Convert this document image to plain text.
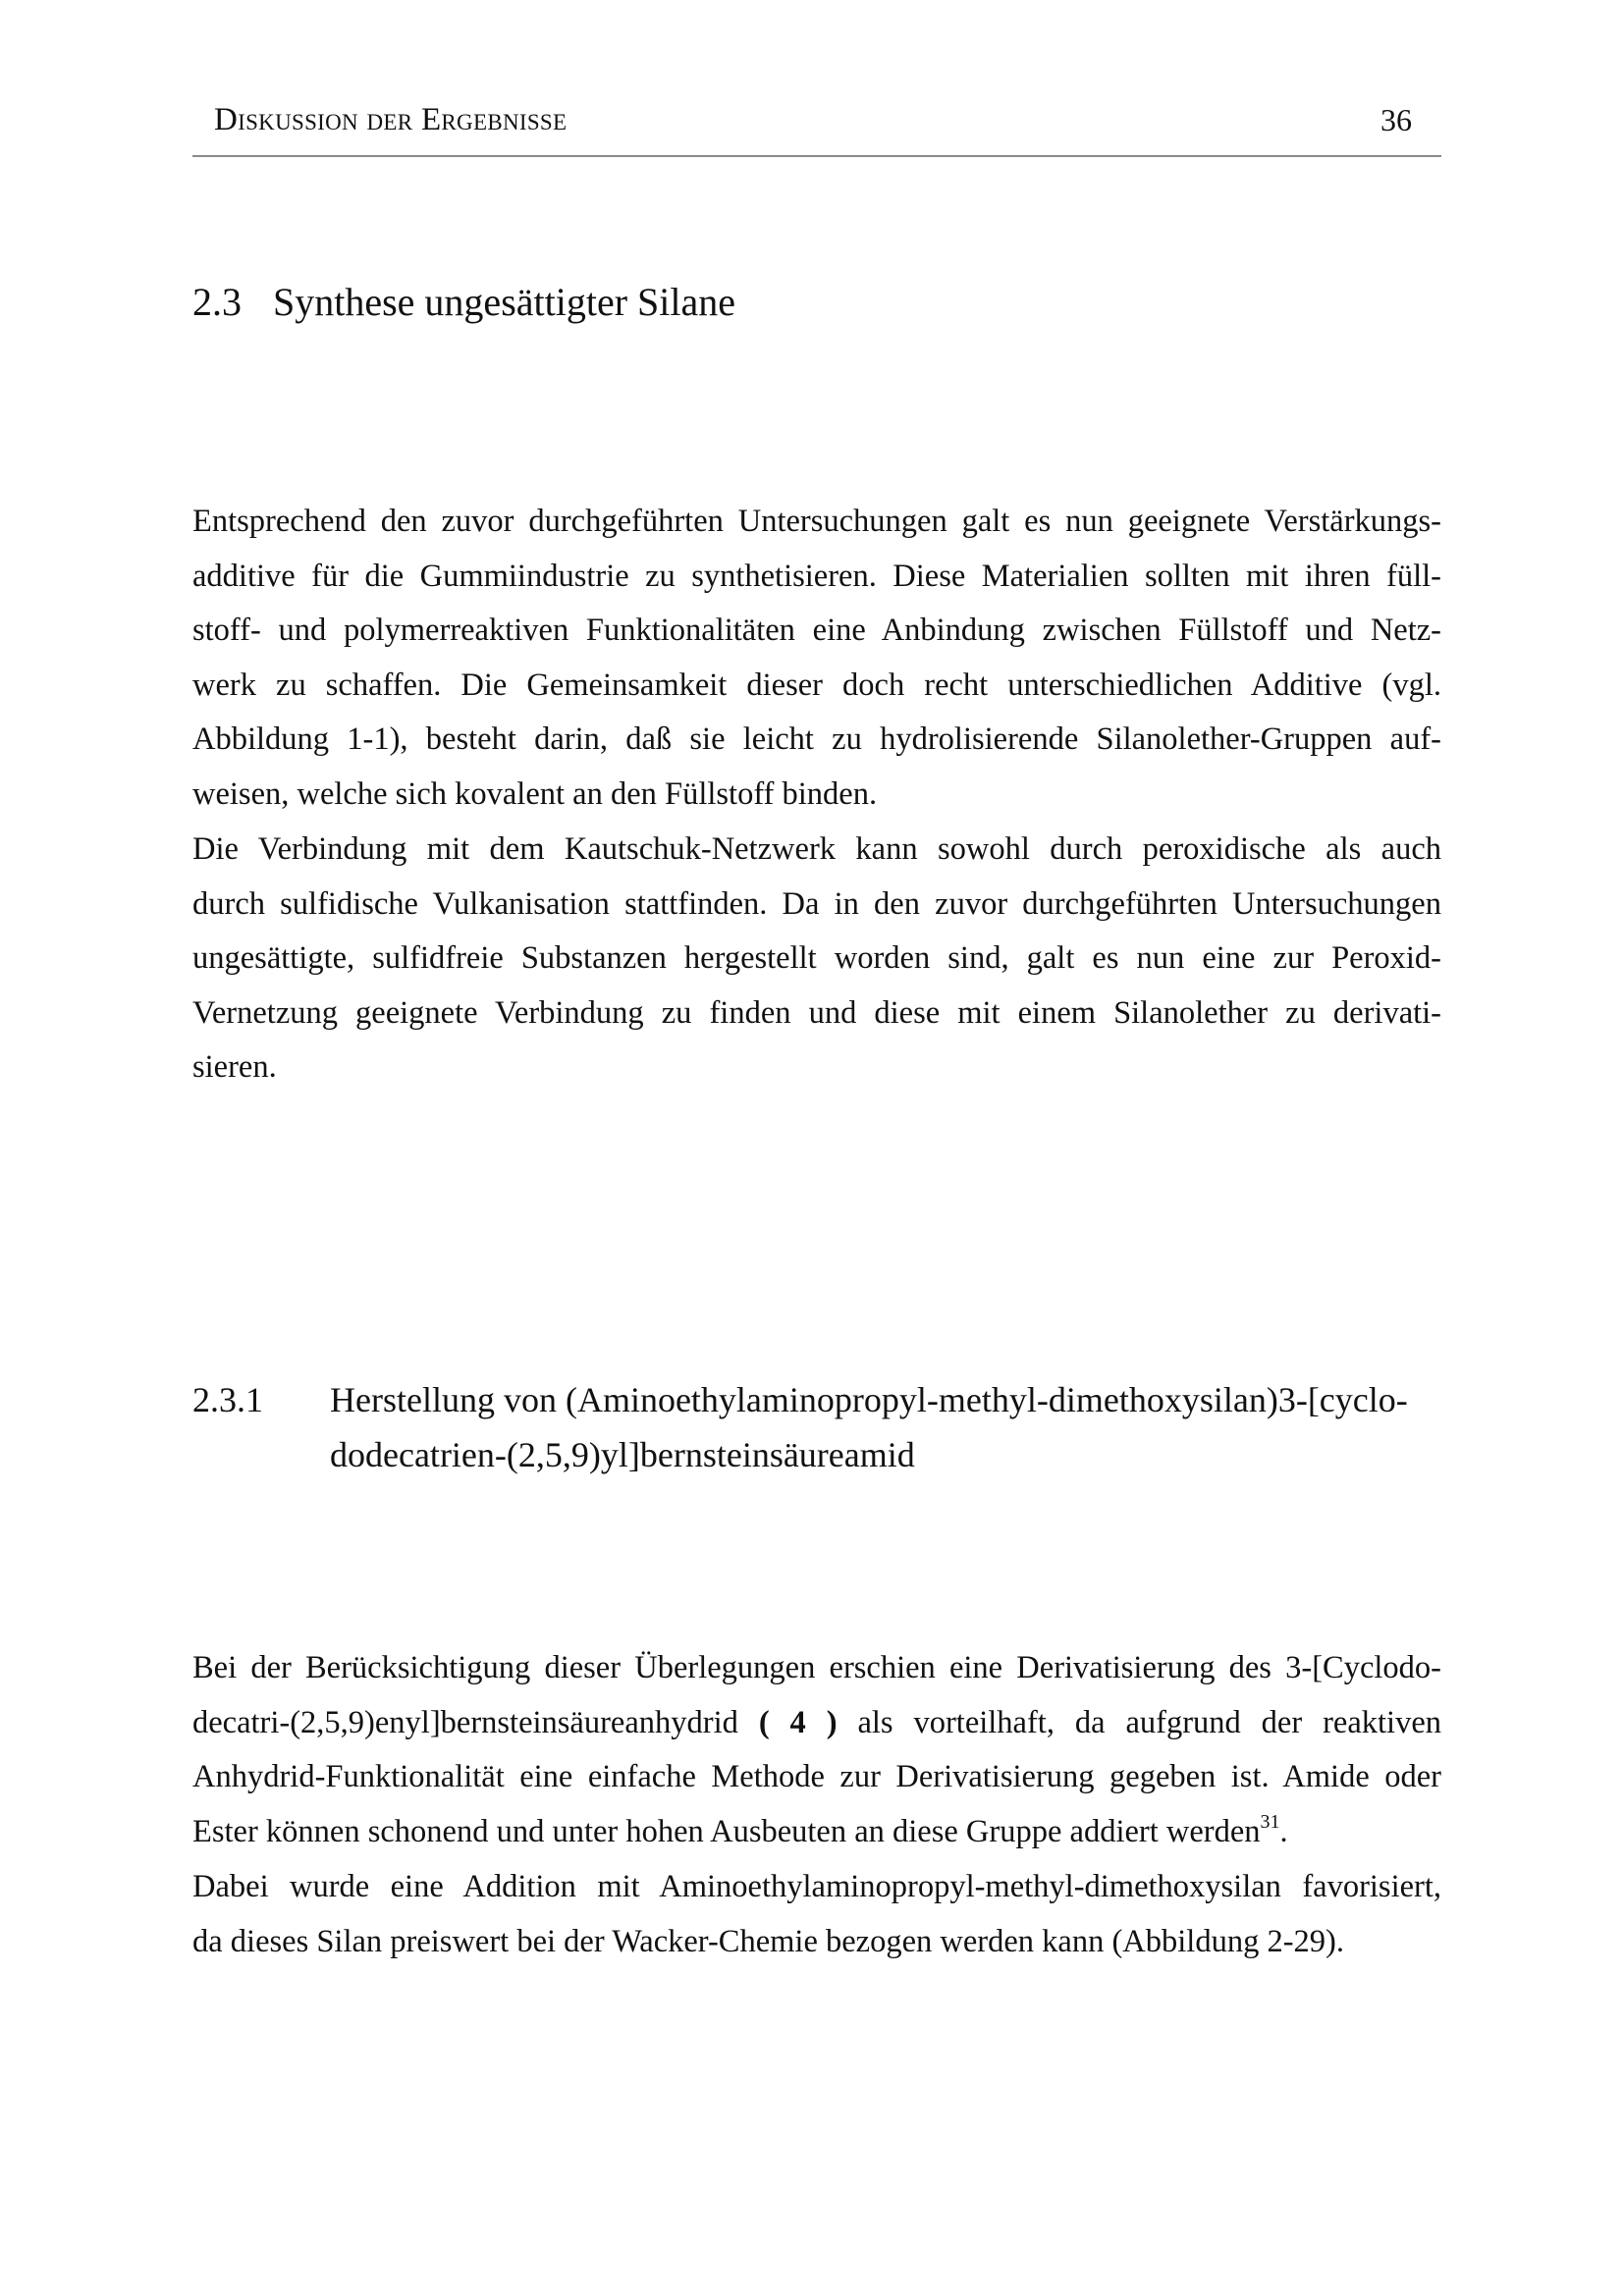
Diskussion der Ergebnisse	36
2.3 Synthese ungesättigter Silane

Entsprechend den zuvor durchgeführten Untersuchungen galt es nun geeignete Verstärkungs-
additive für die Gummiindustrie zu synthetisieren. Diese Materialien sollten mit ihren füll-
stoff- und polymerreaktiven Funktionalitäten eine Anbindung zwischen Füllstoff und Netz-
werk zu schaffen. Die Gemeinsamkeit dieser doch recht unterschiedlichen Additive (vgl.
Abbildung 1-1), besteht darin, daß sie leicht zu hydrolisierende Silanolether-Gruppen auf-
weisen, welche sich kovalent an den Füllstoff binden.

Die Verbindung mit dem Kautschuk-Netzwerk kann sowohl durch peroxidische als auch
durch sulfidische Vulkanisation stattfinden. Da in den zuvor durchgeführten Untersuchungen
ungesättigte, sulfidfreie Substanzen hergestellt worden sind, galt es nun eine zur Peroxid-
Vernetzung geeignete Verbindung zu finden und diese mit einem Silanolether zu derivati-
sieren.

2.3.1 Herstellung von (Aminoethylaminopropyl-methyl-dimethoxysilan)3-[cyclo-
dodecatrien-(2,5,9)yl]bernsteinsäureamid

Bei der Berücksichtigung dieser Überlegungen erschien eine Derivatisierung des 3-[Cyclodo-
decatri-(2,5,9)enyl]bernsteinsäureanhydrid ( 4 ) als vorteilhaft, da aufgrund der reaktiven
Anhydrid-Funktionalität eine einfache Methode zur Derivatisierung gegeben ist. Amide oder
Ester können schonend und unter hohen Ausbeuten an diese Gruppe addiert werden$^{31}$.

Dabei wurde eine Addition mit Aminoethylaminopropyl-methyl-dimethoxysilan favorisiert,
da dieses Silan preiswert bei der Wacker-Chemie bezogen werden kann (Abbildung 2-29).
